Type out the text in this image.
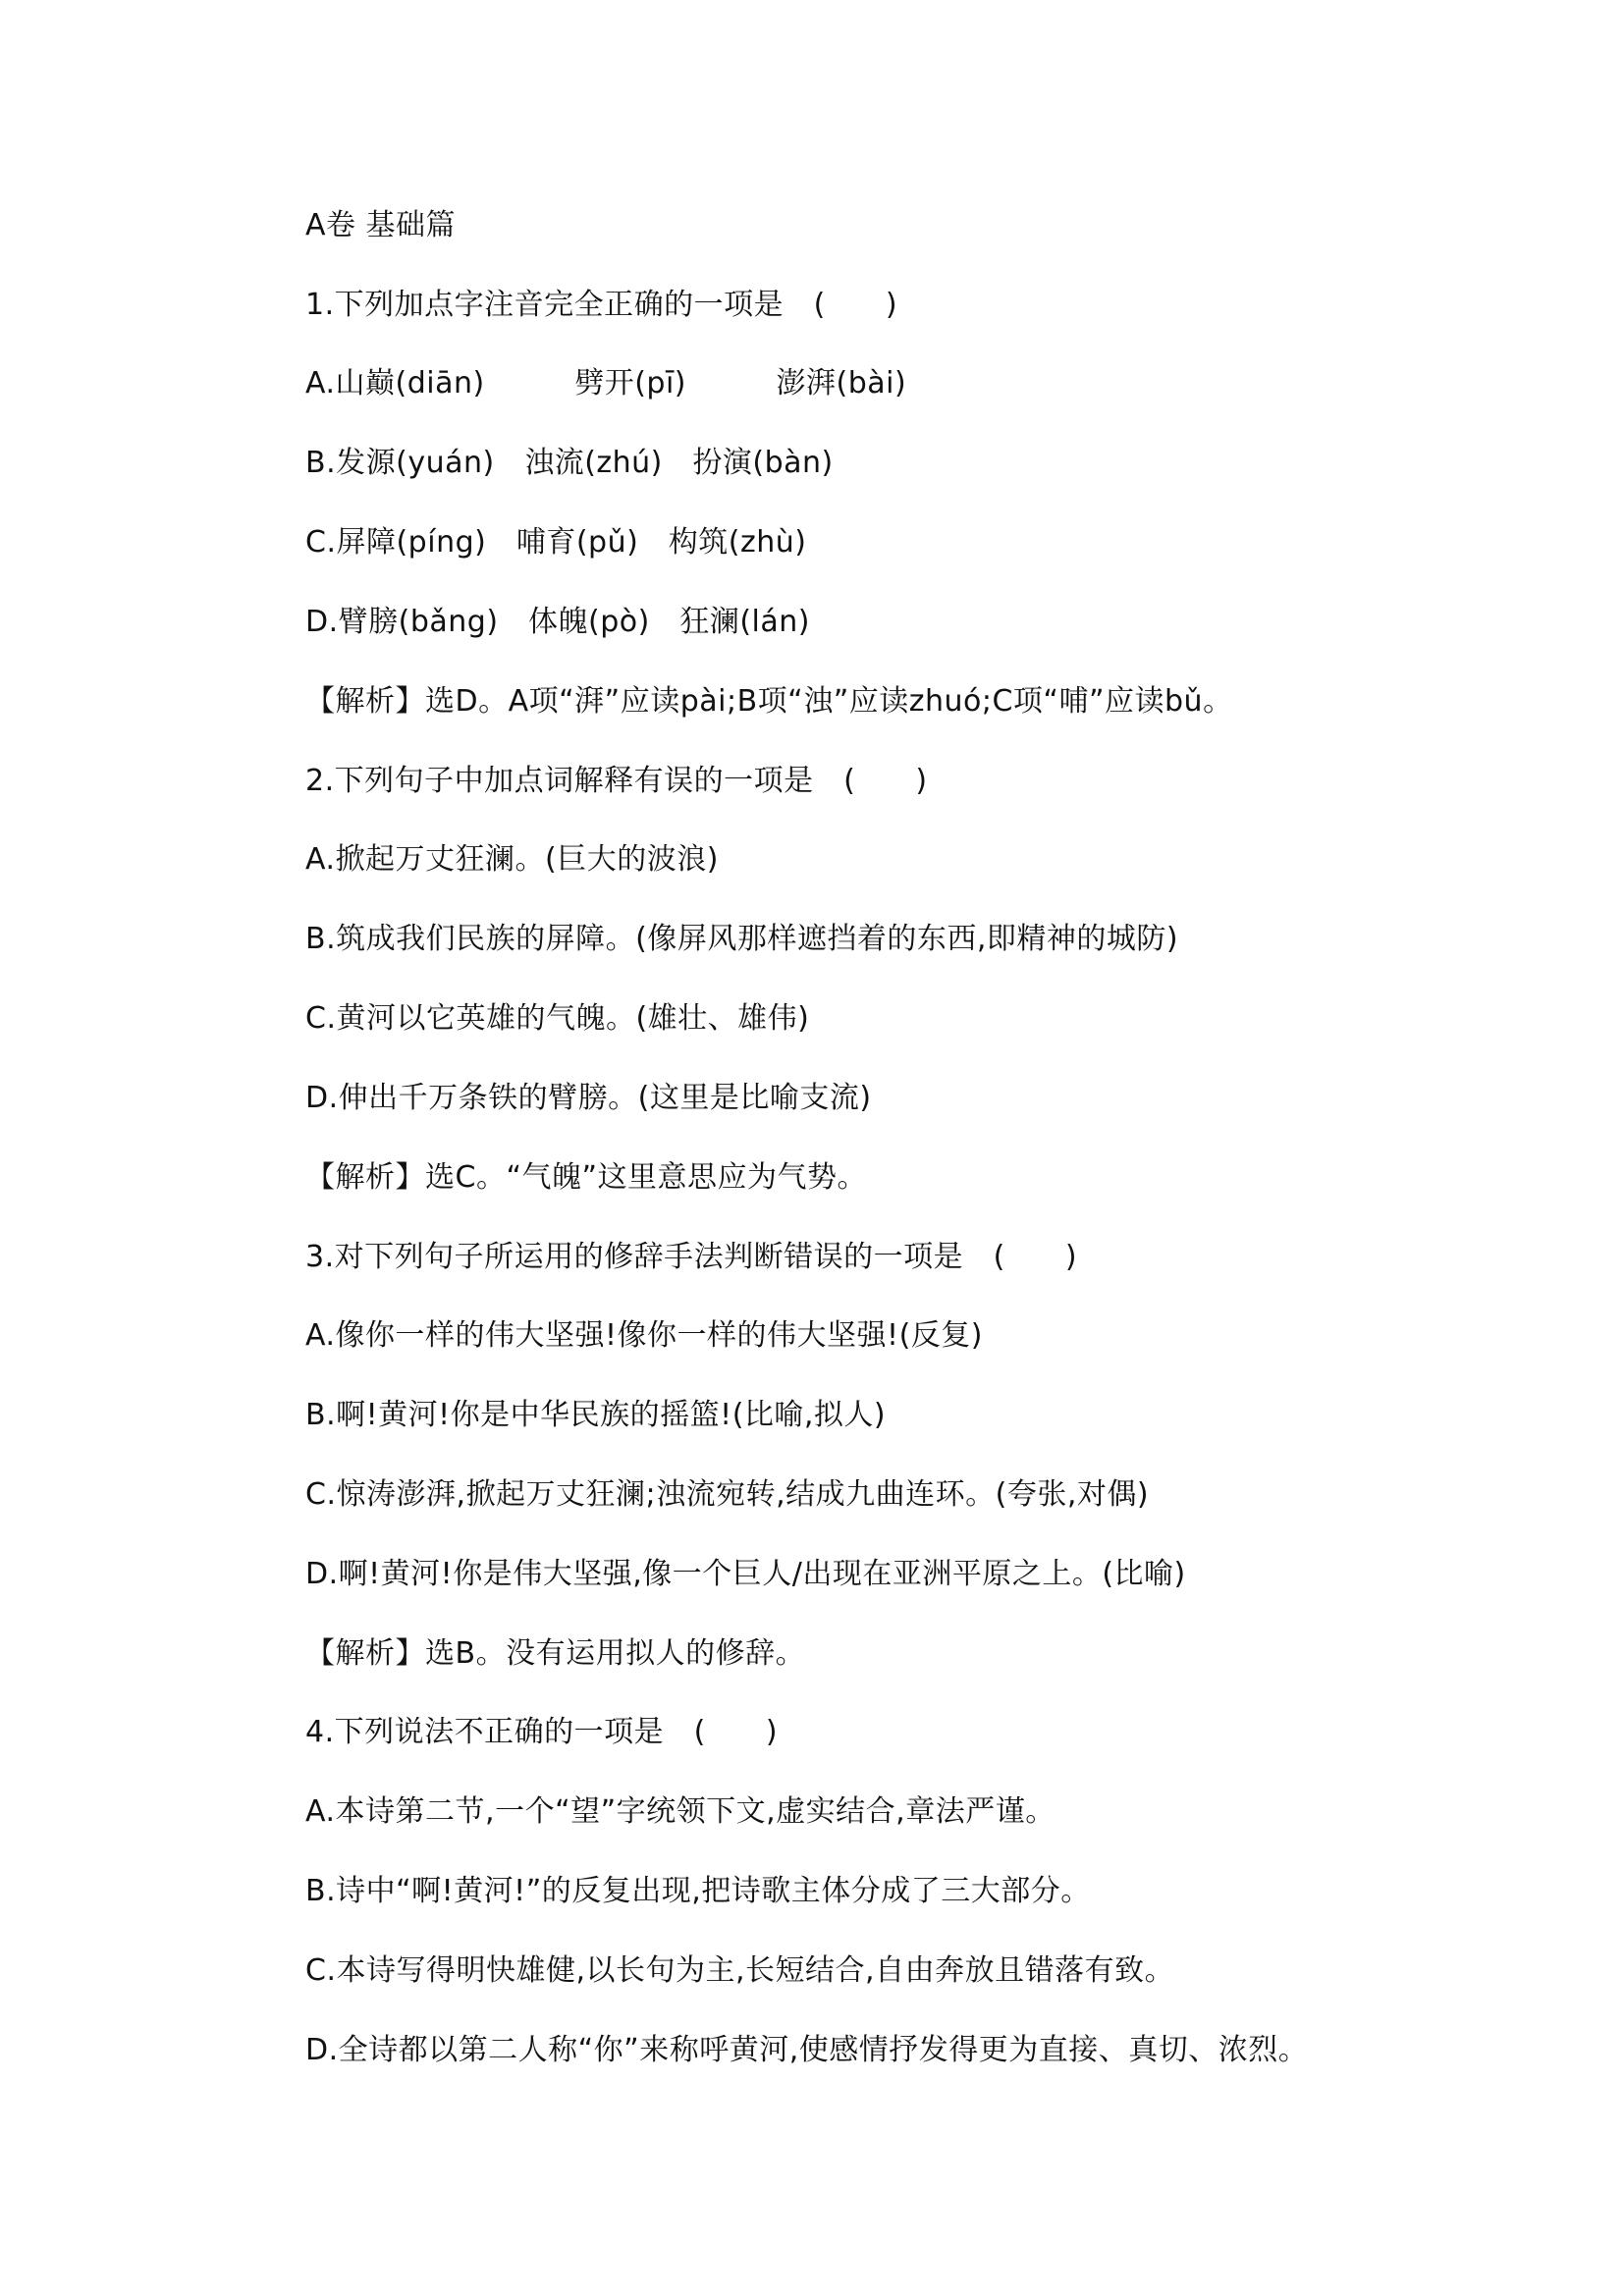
A卷 基础篇
1.下列加点字注音完全正确的一项是　(　　)
A.山巅(diān)　　　劈开(pī)　　　澎湃(bài)
B.发源(yuán)　浊流(zhú)　扮演(bàn)
C.屏障(píng)　哺育(pǔ)　构筑(zhù)
D.臂膀(bǎng)　体魄(pò)　狂澜(lán)
【解析】选D。A项“湃”应读pài;B项“浊”应读zhuó;C项“哺”应读bǔ。
2.下列句子中加点词解释有误的一项是　(　　)
A.掀起万丈狂澜。(巨大的波浪)
B.筑成我们民族的屏障。(像屏风那样遮挡着的东西,即精神的城防)
C.黄河以它英雄的气魄。(雄壮、雄伟)
D.伸出千万条铁的臂膀。(这里是比喻支流)
【解析】选C。“气魄”这里意思应为气势。
3.对下列句子所运用的修辞手法判断错误的一项是　(　　)
A.像你一样的伟大坚强!像你一样的伟大坚强!(反复)
B.啊!黄河!你是中华民族的摇篮!(比喻,拟人)
C.惊涛澎湃,掀起万丈狂澜;浊流宛转,结成九曲连环。(夸张,对偶)
D.啊!黄河!你是伟大坚强,像一个巨人/出现在亚洲平原之上。(比喻)
【解析】选B。没有运用拟人的修辞。
4.下列说法不正确的一项是　(　　)
A.本诗第二节,一个“望”字统领下文,虚实结合,章法严谨。
B.诗中“啊!黄河!”的反复出现,把诗歌主体分成了三大部分。
C.本诗写得明快雄健,以长句为主,长短结合,自由奔放且错落有致。
D.全诗都以第二人称“你”来称呼黄河,使感情抒发得更为直接、真切、浓烈。
